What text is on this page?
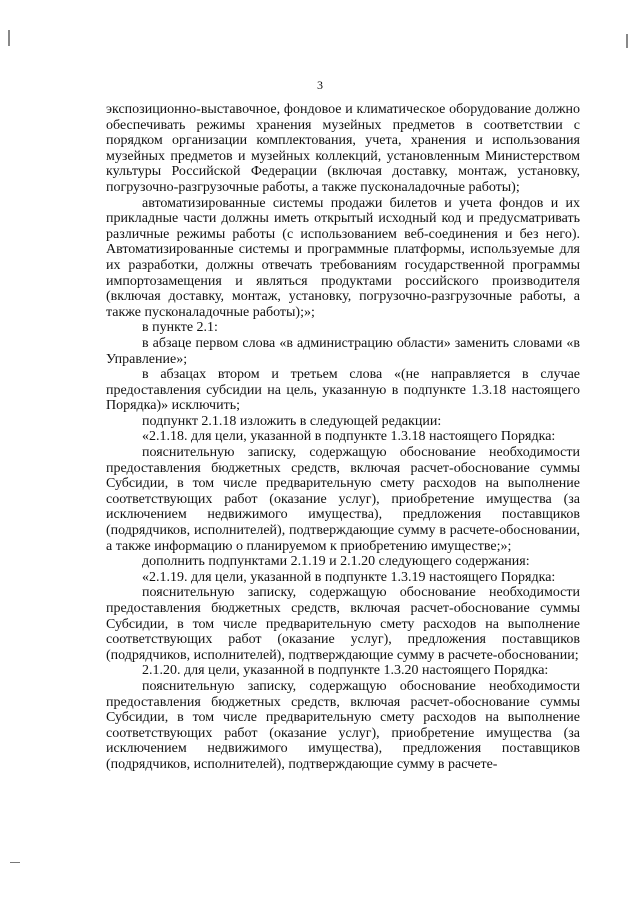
3

экспозиционно-выставочное, фондовое и климатическое оборудование должно обеспечивать режимы хранения музейных предметов в соответствии с порядком организации комплектования, учета, хранения и использования музейных предметов и музейных коллекций, установленным Министерством культуры Российской Федерации (включая доставку, монтаж, установку, погрузочно-разгрузочные работы, а также пусконаладочные работы);

автоматизированные системы продажи билетов и учета фондов и их прикладные части должны иметь открытый исходный код и предусматривать различные режимы работы (с использованием веб-соединения и без него). Автоматизированные системы и программные платформы, используемые для их разработки, должны отвечать требованиям государственной программы импортозамещения и являться продуктами российского производителя (включая доставку, монтаж, установку, погрузочно-разгрузочные работы, а также пусконаладочные работы);»;

в пункте 2.1:

в абзаце первом слова «в администрацию области» заменить словами «в Управление»;

в абзацах втором и третьем слова «(не направляется в случае предоставления субсидии на цель, указанную в подпункте 1.3.18 настоящего Порядка)» исключить;

подпункт 2.1.18 изложить в следующей редакции:

«2.1.18. для цели, указанной в подпункте 1.3.18 настоящего Порядка:

пояснительную записку, содержащую обоснование необходимости предоставления бюджетных средств, включая расчет-обоснование суммы Субсидии, в том числе предварительную смету расходов на выполнение соответствующих работ (оказание услуг), приобретение имущества (за исключением недвижимого имущества), предложения поставщиков (подрядчиков, исполнителей), подтверждающие сумму в расчете-обосновании, а также информацию о планируемом к приобретению имуществе;»;

дополнить подпунктами 2.1.19 и 2.1.20 следующего содержания:

«2.1.19. для цели, указанной в подпункте 1.3.19 настоящего Порядка:

пояснительную записку, содержащую обоснование необходимости предоставления бюджетных средств, включая расчет-обоснование суммы Субсидии, в том числе предварительную смету расходов на выполнение соответствующих работ (оказание услуг), предложения поставщиков (подрядчиков, исполнителей), подтверждающие сумму в расчете-обосновании;

2.1.20. для цели, указанной в подпункте 1.3.20 настоящего Порядка:

пояснительную записку, содержащую обоснование необходимости предоставления бюджетных средств, включая расчет-обоснование суммы Субсидии, в том числе предварительную смету расходов на выполнение соответствующих работ (оказание услуг), приобретение имущества (за исключением недвижимого имущества), предложения поставщиков (подрядчиков, исполнителей), подтверждающие сумму в расчете-
